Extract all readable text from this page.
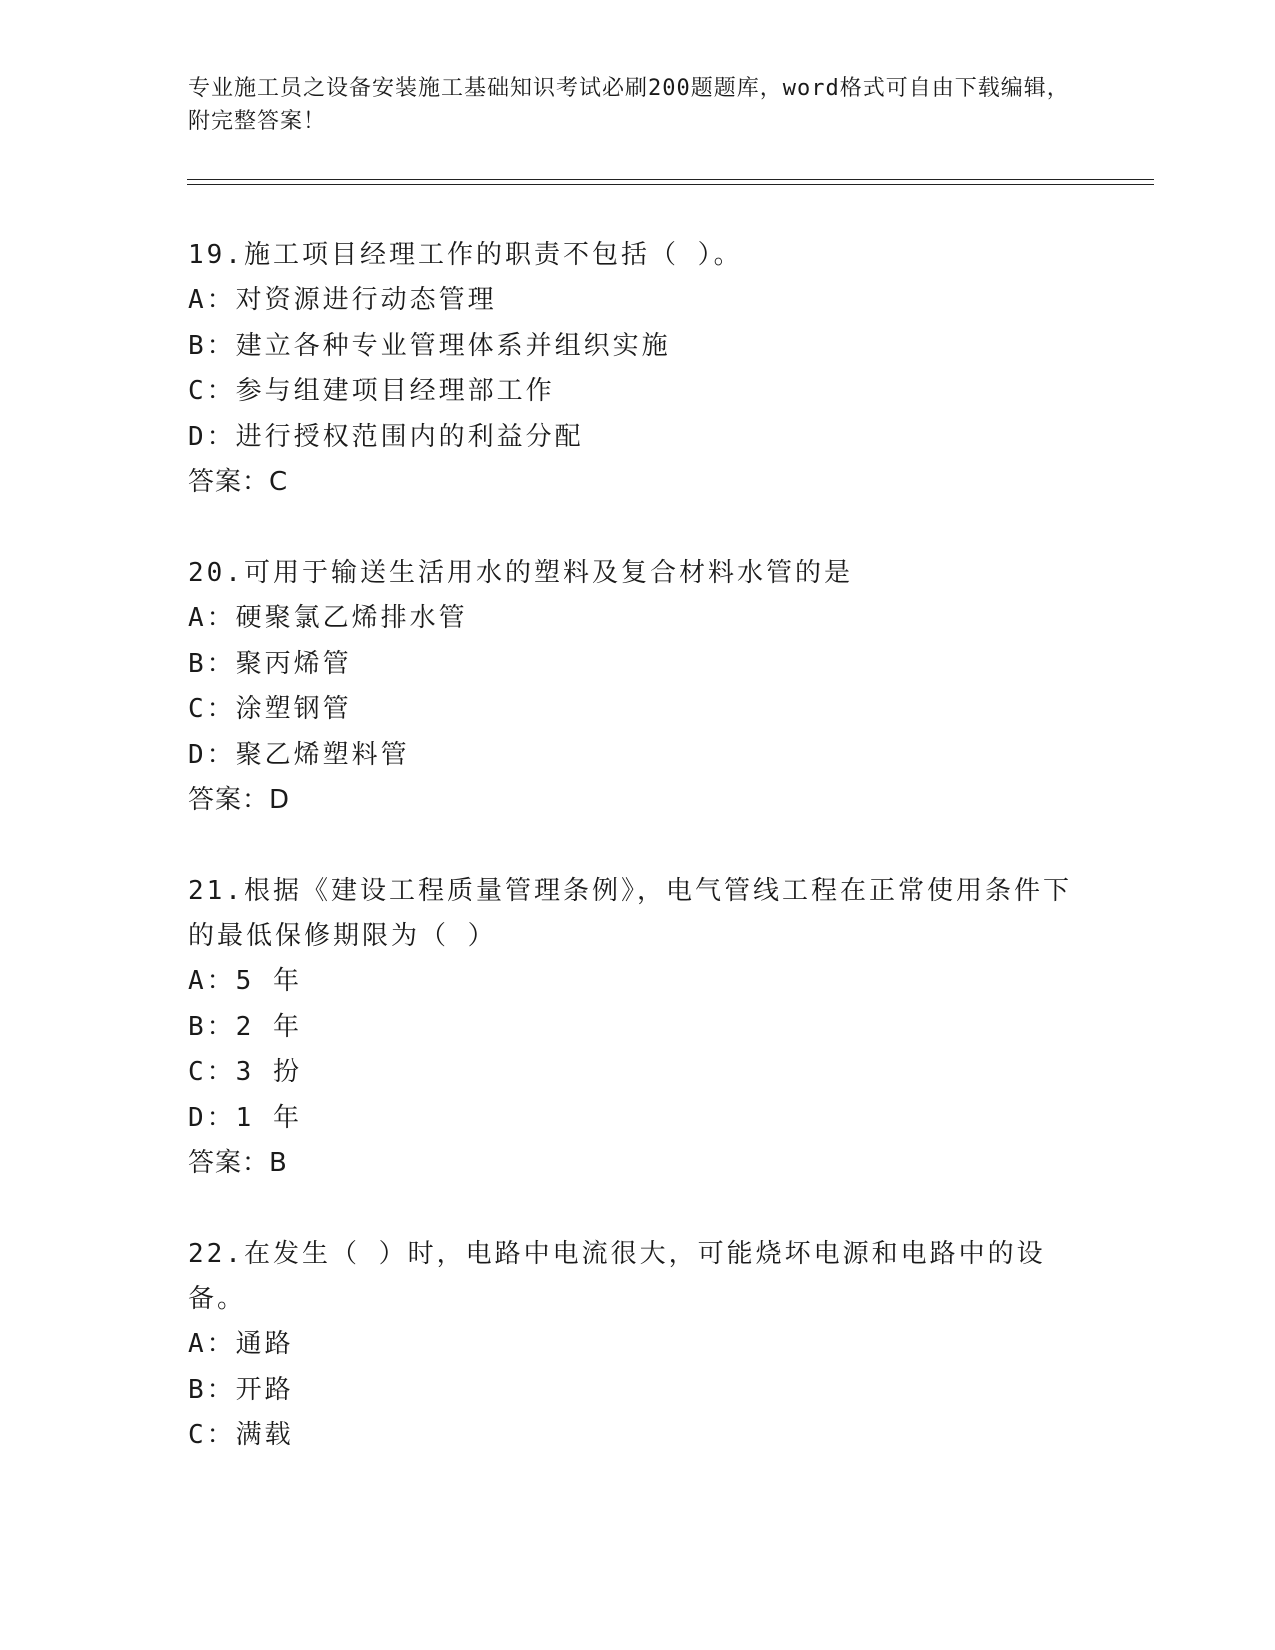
专业施工员之设备安装施工基础知识考试必刷200题题库，word格式可自由下载编辑，附完整答案！

19.施工项目经理工作的职责不包括（ ）。

A：对资源进行动态管理

B：建立各种专业管理体系并组织实施

C：参与组建项目经理部工作

D：进行授权范围内的利益分配

答案：C

20.可用于输送生活用水的塑料及复合材料水管的是

A：硬聚氯乙烯排水管

B：聚丙烯管

C：涂塑钢管

D：聚乙烯塑料管

答案：D

21.根据《建设工程质量管理条例》，电气管线工程在正常使用条件下的最低保修期限为（ ）

A：5 年

B：2 年

C：3 扮

D：1 年

答案：B

22.在发生（ ）时，电路中电流很大，可能烧坏电源和电路中的设备。

A：通路

B：开路

C：满载
